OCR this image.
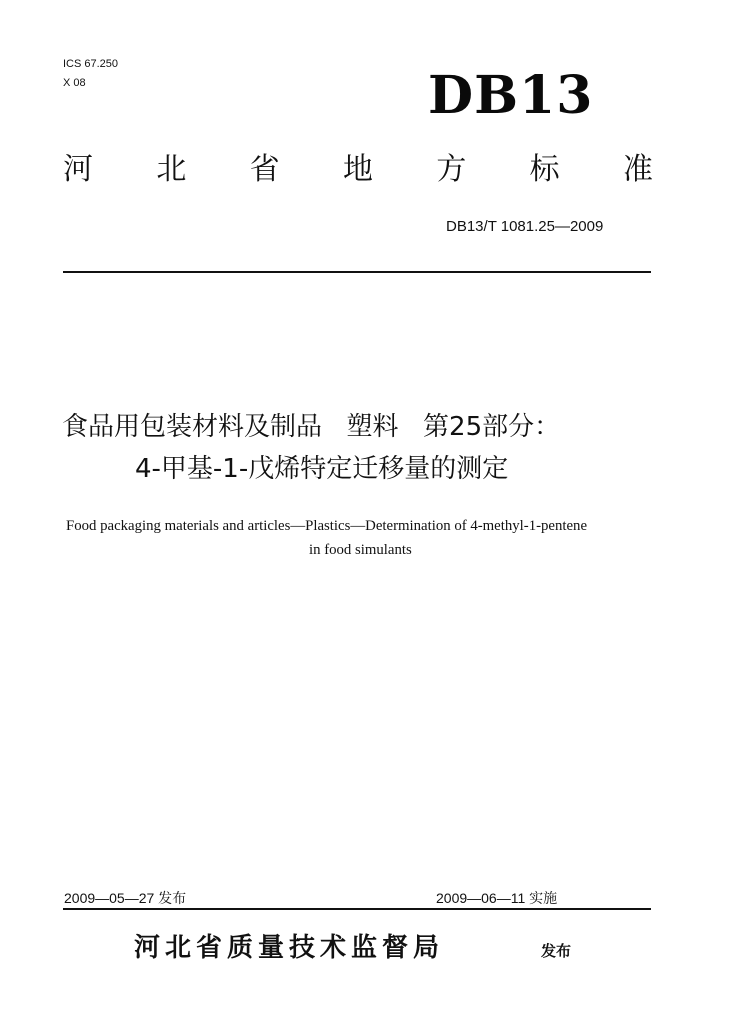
ICS 67.250
X 08	DB13
河 北 省 地 方 标 准
DB13/T 1081.25—2009
食品用包装材料及制品  塑料  第25部分：
4-甲基-1-戊烯特定迁移量的测定
Food packaging materials and articles—Plastics—Determination of 4-methyl-1-pentene
in food simulants
2009—05—27 发布	2009—06—11 实施
河北省质量技术监督局	发布
